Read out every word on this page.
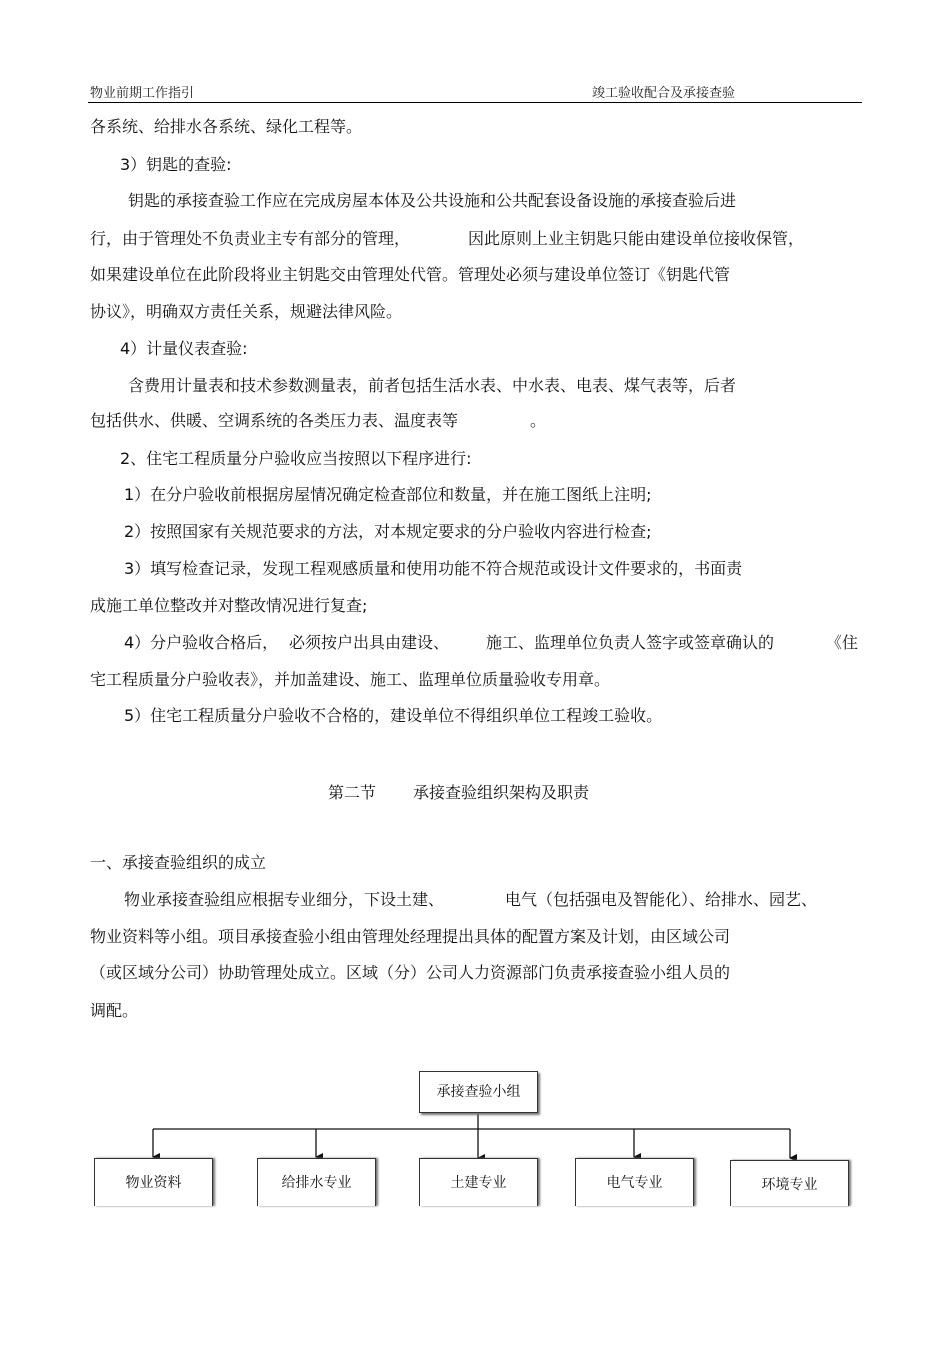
物业前期工作指引	竣工验收配合及承接查验
各系统、给排水各系统、绿化工程等。
3）钥匙的查验:
钥匙的承接查验工作应在完成房屋本体及公共设施和公共配套设备设施的承接查验后进
行，由于管理处不负责业主专有部分的管理，	因此原则上业主钥匙只能由建设单位接收保管，
如果建设单位在此阶段将业主钥匙交由管理处代管。管理处必须与建设单位签订《钥匙代管
协议》，明确双方责任关系，规避法律风险。
4）计量仪表查验:
含费用计量表和技术参数测量表，前者包括生活水表、中水表、电表、煤气表等，后者
包括供水、供暖、空调系统的各类压力表、温度表等	。
2、住宅工程质量分户验收应当按照以下程序进行:
1）在分户验收前根据房屋情况确定检查部位和数量，并在施工图纸上注明;
2）按照国家有关规范要求的方法，对本规定要求的分户验收内容进行检查;
3）填写检查记录，发现工程观感质量和使用功能不符合规范或设计文件要求的，书面责
成施工单位整改并对整改情况进行复查;
4）分户验收合格后， 必须按户出具由建设、 施工、监理单位负责人签字或签章确认的	《住
宅工程质量分户验收表》，并加盖建设、施工、监理单位质量验收专用章。
5）住宅工程质量分户验收不合格的，建设单位不得组织单位工程竣工验收。
第二节 承接查验组织架构及职责
一、承接查验组织的成立
物业承接查验组应根据专业细分，下设土建、	电气（包括强电及智能化）、给排水、园艺、
物业资料等小组。项目承接查验小组由管理处经理提出具体的配置方案及计划，由区域公司
（或区域分公司）协助管理处成立。区域（分）公司人力资源部门负责承接查验小组人员的
调配。
承接查验小组
物业资料	给排水专业	土建专业	电气专业	环境专业
